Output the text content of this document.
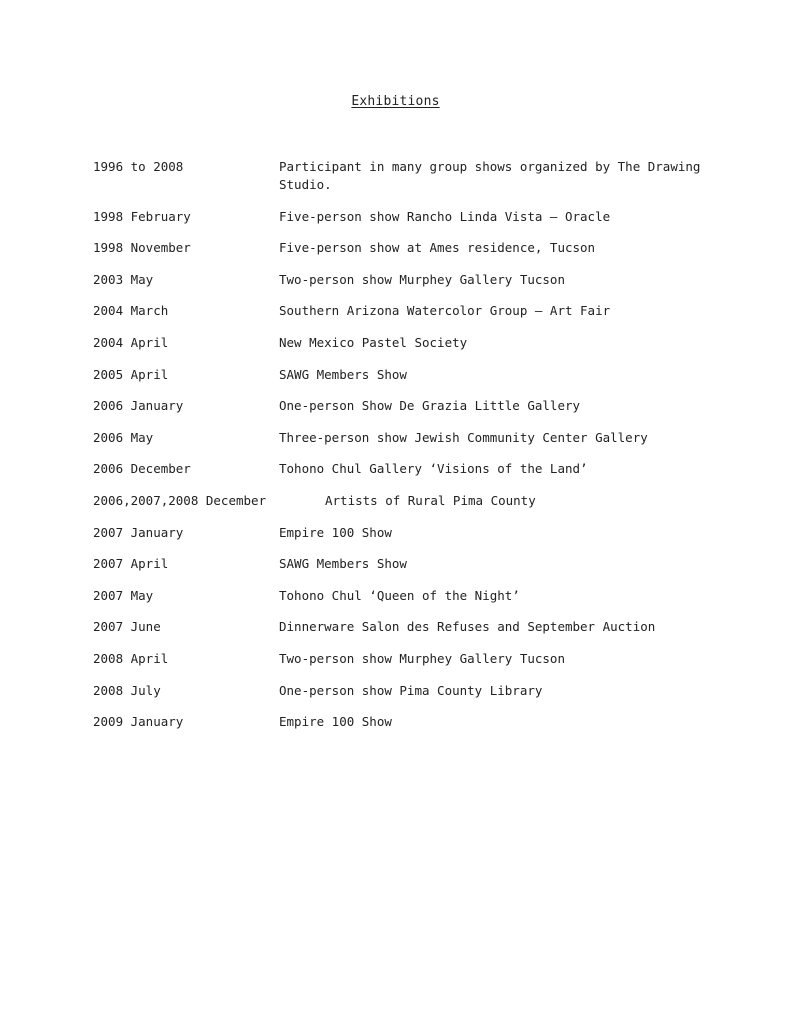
Exhibitions
1996 to 2008	Participant in many group shows organized by The Drawing Studio.
1998 February	Five-person show Rancho Linda Vista – Oracle
1998 November	Five-person show at Ames residence, Tucson
2003 May	Two-person show Murphey Gallery Tucson
2004 March	Southern Arizona Watercolor Group – Art Fair
2004 April	New Mexico Pastel Society
2005 April	SAWG Members Show
2006 January	One-person Show De Grazia Little Gallery
2006 May	Three-person show Jewish Community Center Gallery
2006 December	Tohono Chul Gallery ‘Visions of the Land’
2006,2007,2008 December	Artists of Rural Pima County
2007 January	Empire 100 Show
2007 April	SAWG Members Show
2007 May	Tohono Chul ‘Queen of the Night’
2007 June	Dinnerware Salon des Refuses and September Auction
2008 April	Two-person show Murphey Gallery Tucson
2008 July	One-person show Pima County Library
2009 January	Empire 100 Show
